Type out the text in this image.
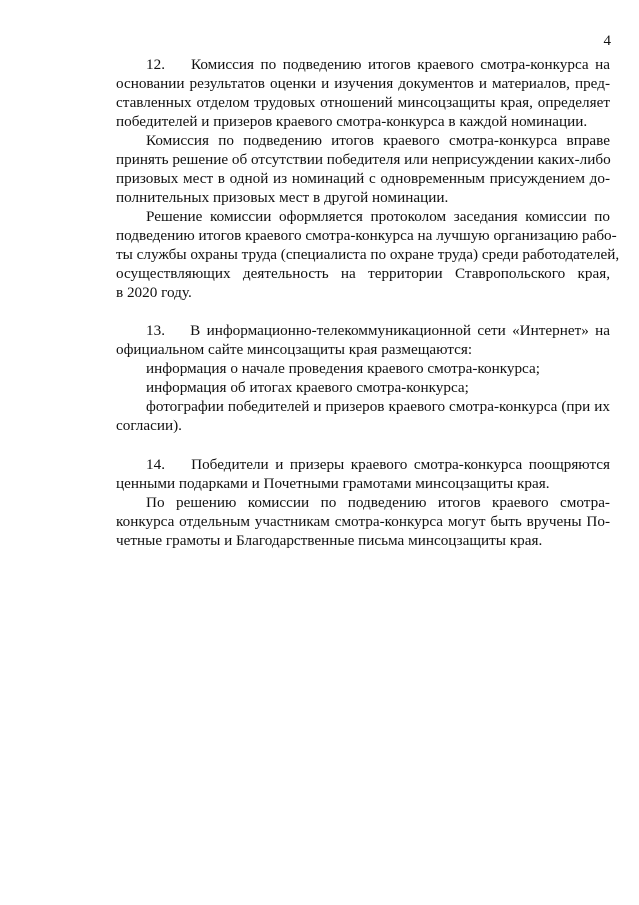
4
12.    Комиссия по подведению итогов краевого смотра-конкурса на
основании результатов оценки и изучения документов и материалов, пред-
ставленных отделом трудовых отношений минсоцзащиты края, определяет
победителей и призеров краевого смотра-конкурса в каждой номинации.
Комиссия по подведению итогов краевого смотра-конкурса вправе
принять решение об отсутствии победителя или неприсуждении каких-либо
призовых мест в одной из номинаций с одновременным присуждением до-
полнительных призовых мест в другой номинации.
Решение комиссии оформляется протоколом заседания комиссии по
подведению итогов краевого смотра-конкурса на лучшую организацию рабо-
ты службы охраны труда (специалиста по охране труда) среди работодателей,
осуществляющих деятельность на территории Ставропольского края,
в 2020 году.
13.    В информационно-телекоммуникационной сети «Интернет» на
официальном сайте минсоцзащиты края размещаются:
информация о начале проведения краевого смотра-конкурса;
информация об итогах краевого смотра-конкурса;
фотографии победителей и призеров краевого смотра-конкурса (при их
согласии).
14.    Победители и призеры краевого смотра-конкурса поощряются
ценными подарками и Почетными грамотами минсоцзащиты края.
По решению комиссии по подведению итогов краевого смотра-
конкурса отдельным участникам смотра-конкурса могут быть вручены По-
четные грамоты и Благодарственные письма минсоцзащиты края.
